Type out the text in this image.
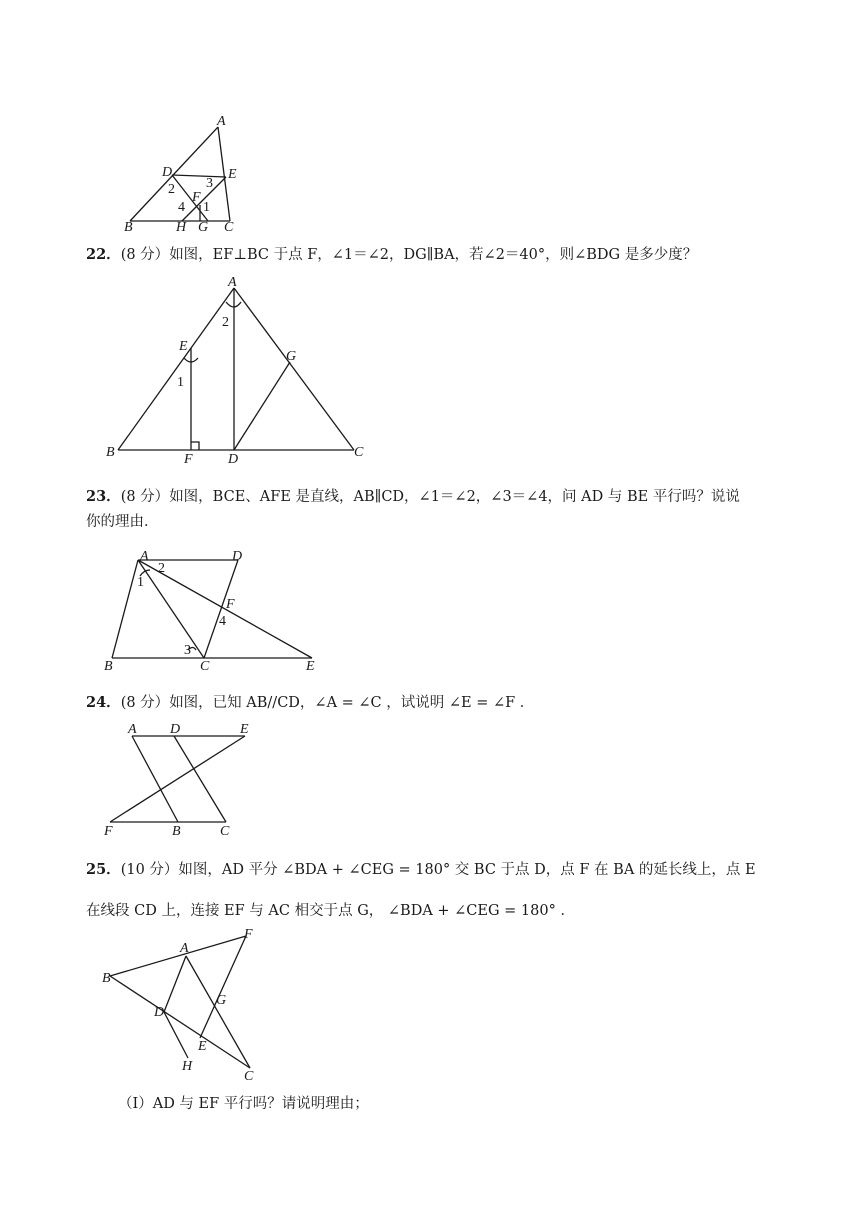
A
D	E
B	H G C
F
1
2 3
4

22．(8 分）如图，EF⊥BC 于点 F，∠1＝∠2，DG∥BA，若∠2＝40°，则∠BDG 是多少度？

A
E
G
B	F	D	C
1
2

23．(8 分）如图，BCE、AFE 是直线，AB∥CD，∠1＝∠2，∠3＝∠4，问 AD 与 BE 平行吗？说说
你的理由．

A	D
F
B	C	E
1
2
3
4

24．(8 分）如图，已知 AB//CD，∠A = ∠C ，试说明 ∠E = ∠F ．

A D	E
F	B	C

25．(10 分）如图，AD 平分 ∠BDA + ∠CEG = 180° 交 BC 于点 D，点 F 在 BA 的延长线上，点 E
在线段 CD 上，连接 EF 与 AC 相交于点 G， ∠BDA + ∠CEG = 180° ．

A
F
B
G
D
E
H
C
（Ⅰ）AD 与 EF 平行吗？请说明理由；
